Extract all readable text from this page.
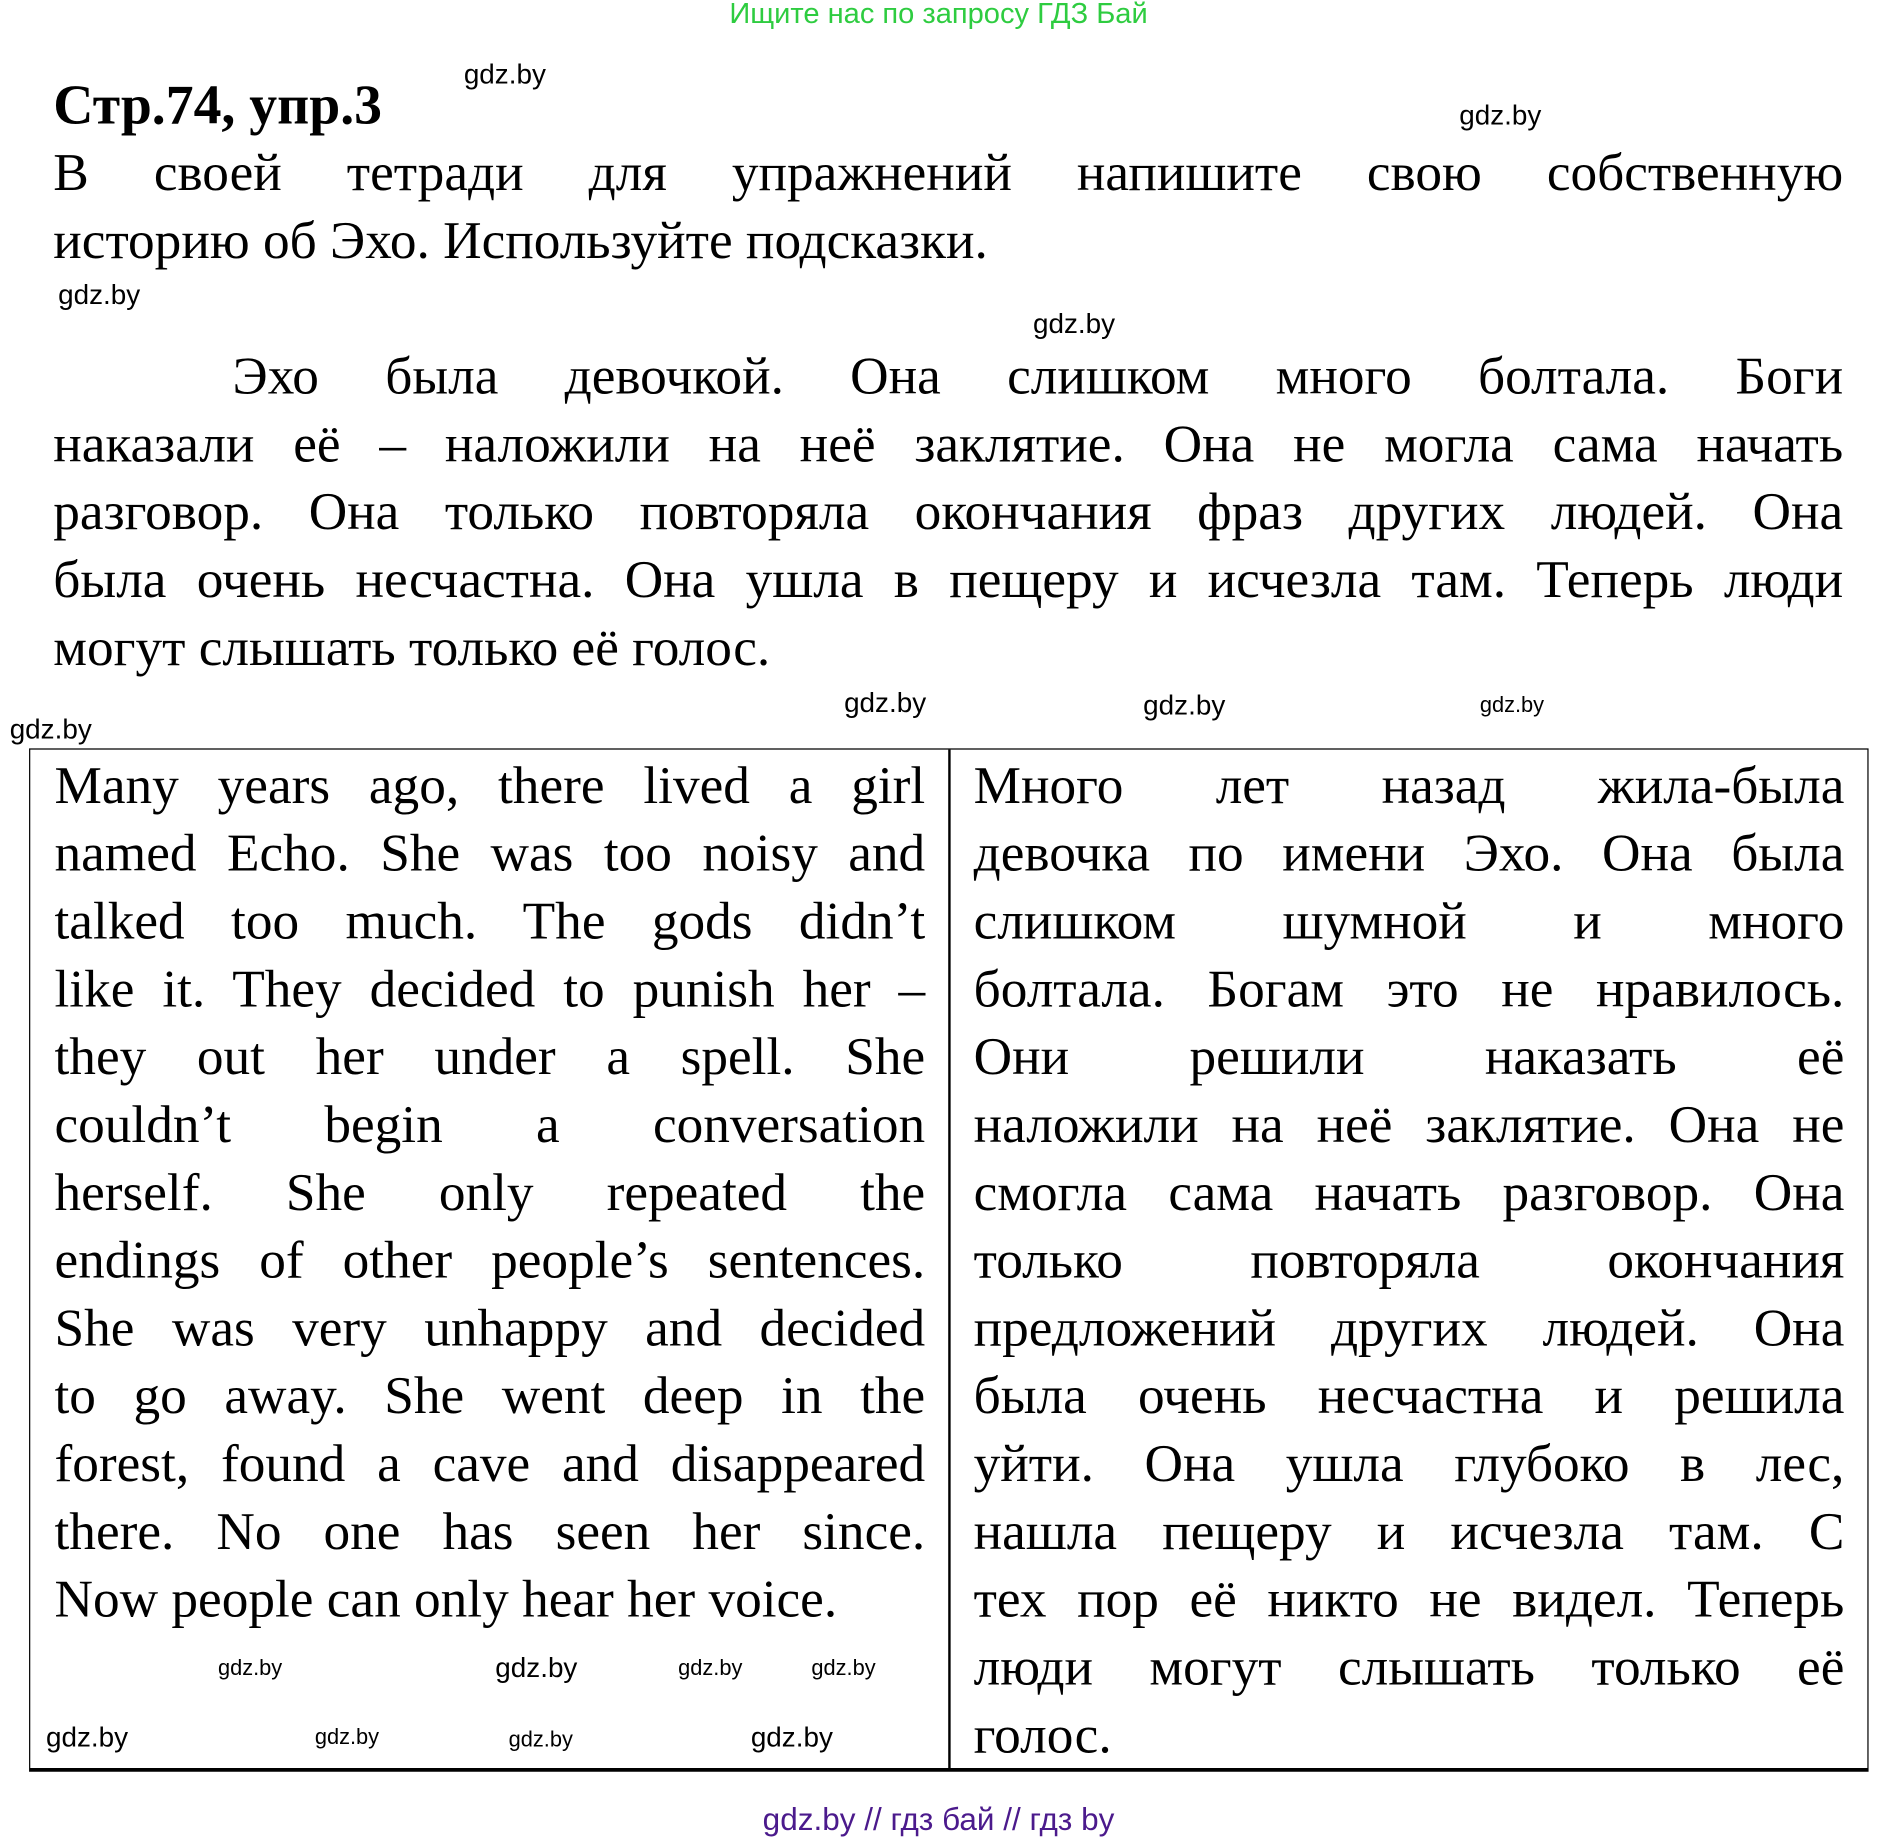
Ищите нас по запросу ГДЗ Бай
Стр.74, упр.3
В своей тетради для упражнений напишите свою собственную
историю об Эхо. Используйте подсказки.
Эхо была девочкой. Она слишком много болтала. Боги
наказали её – наложили на неё заклятие. Она не могла сама начать
разговор. Она только повторяла окончания фраз других людей. Она
была очень несчастна. Она ушла в пещеру и исчезла там. Теперь люди
могут слышать только её голос.
Many years ago, there lived a girl
named Echo. She was too noisy and
talked too much. The gods didn’t
like it. They decided to punish her –
they out her under a spell. She
couldn’t begin a conversation
herself. She only repeated the
endings of other people’s sentences.
She was very unhappy and decided
to go away. She went deep in the
forest, found a cave and disappeared
there. No one has seen her since.
Now people can only hear her voice.
Много лет назад жила-была
девочка по имени Эхо. Она была
слишком шумной и много
болтала. Богам это не нравилось.
Они решили наказать её
наложили на неё заклятие. Она не
смогла сама начать разговор. Она
только повторяла окончания
предложений других людей. Она
была очень несчастна и решила
уйти. Она ушла глубоко в лес,
нашла пещеру и исчезла там. С
тех пор её никто не видел. Теперь
люди могут слышать только её
голос.
gdz.by
gdz.by
gdz.by
gdz.by
gdz.by
gdz.by	gdz.by
gdz.by
gdz.by	gdz.by
gdz.by
gdz.by
gdz.by
gdz.by
gdz.by
gdz.by
gdz.by // гдз бай // гдз by
